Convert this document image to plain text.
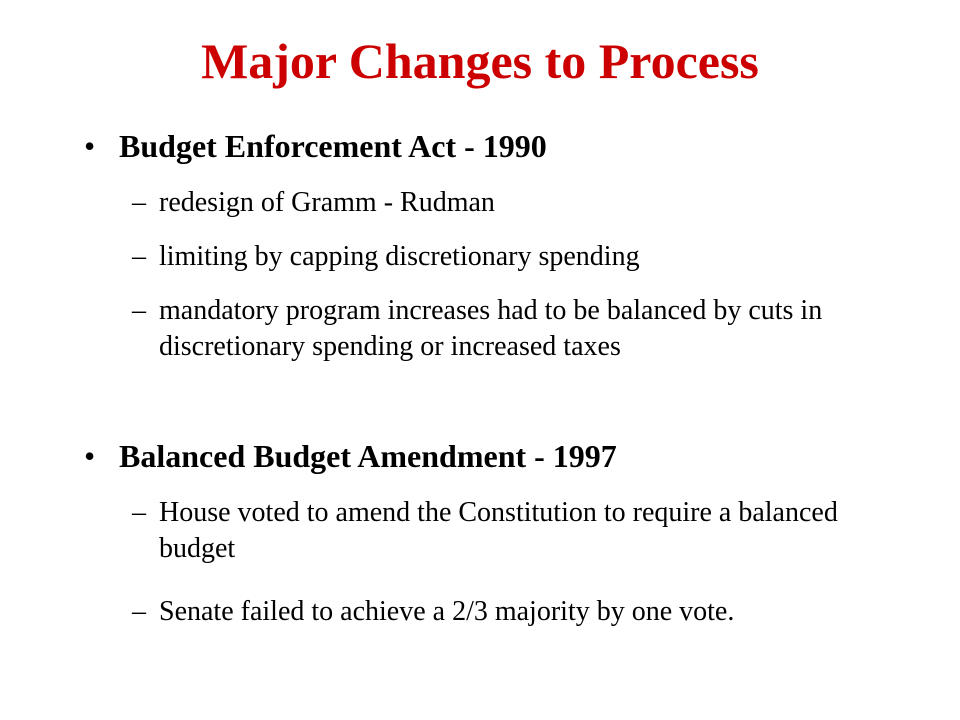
Major Changes to Process
• Budget Enforcement Act - 1990
– redesign of Gramm - Rudman
– limiting by capping discretionary spending
– mandatory program increases had to be balanced by cuts in discretionary spending or increased taxes
• Balanced Budget Amendment - 1997
– House voted to amend the Constitution to require a balanced budget
– Senate failed to achieve a 2/3 majority by one vote.
